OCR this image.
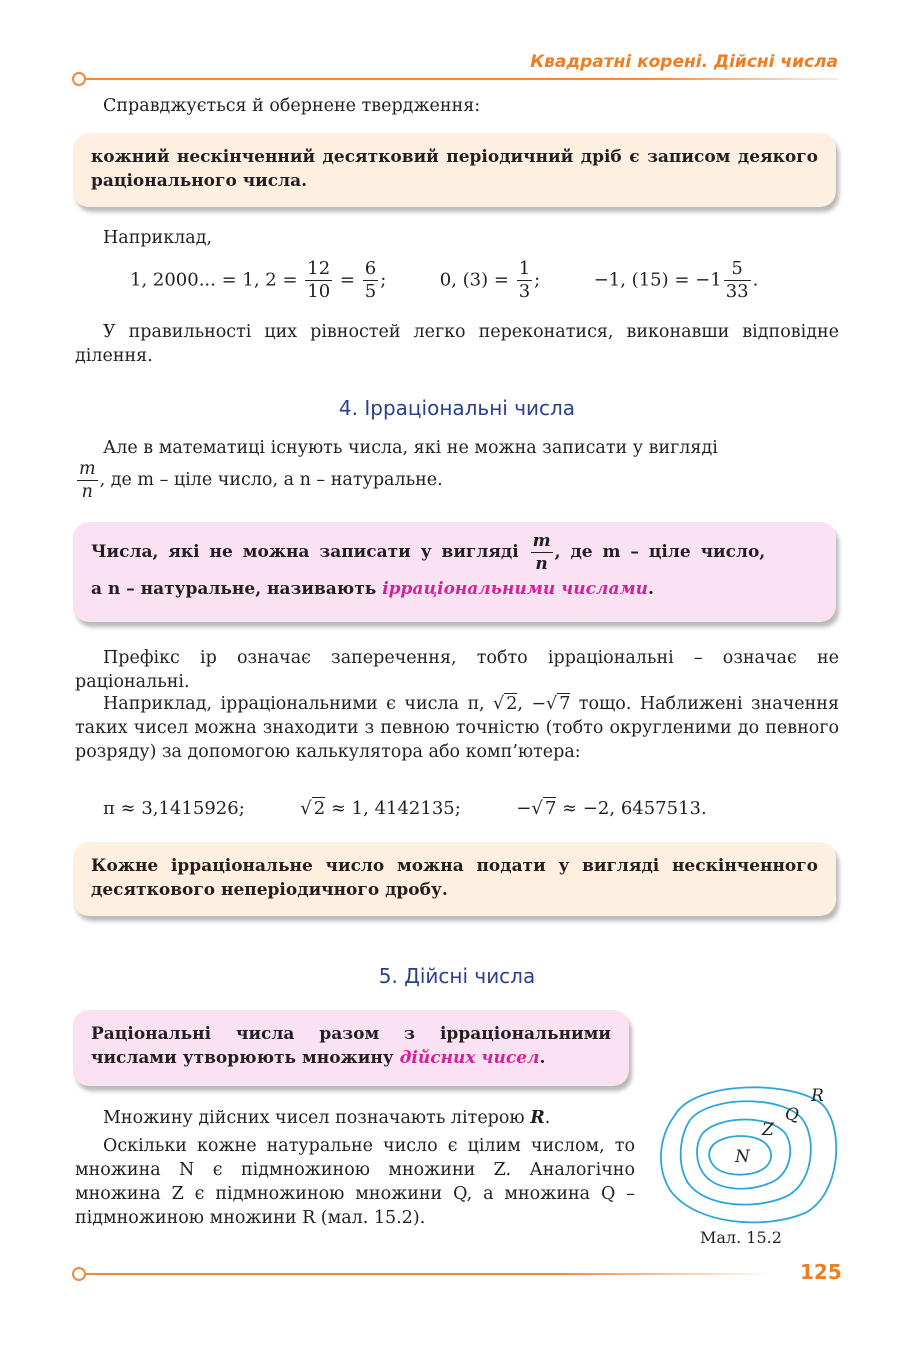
Квадратні корені. Дійсні числа
Справджується й обернене твердження:
кожний нескінченний десятковий періодичний дріб є записом деякого раціонального числа.
Наприклад,
1, 2000... = 1, $2 = \frac{12}{10} = \frac{6}{5}$ ;	0, $(3) = \frac{1}{3}$ ;	−1, $(15) = -1 \frac{5}{33}$ .
У правильності цих рівностей легко переконатися, виконавши відповідне ділення.
4. Ірраціональні числа
Але в математиці існують числа, які не можна записати у вигляді
$\frac{m}{n}$ , де m – ціле число, а n – натуральне.
Числа, які не можна записати у вигляді $\frac{m}{n}$ , де m – ціле число,
а n – натуральне, називають ірраціональними числами.
Префікс ір означає заперечення, тобто ірраціональні – означає не раціональні.
Наприклад, ірраціональними є числа π, √ 2, −√ 7 тощо. Наближені значення таких чисел можна знаходити з певною точністю (тобто округленими до певного розряду) за допомогою калькулятора або комп’ютера:
π ≈ 3,1415926;	√ 2 ≈ 1, 4142135;	−√ 7 ≈ −2, 6457513.
Кожне ірраціональне число можна подати у вигляді нескінченного десяткового неперіодичного дробу.
5. Дійсні числа
Раціональні числа разом з ірраціональними числами утворюють множину дійсних чисел.
Множину дійсних чисел позначають літерою R.
Оскільки кожне натуральне число є цілим числом, то множина N є підмножиною множини Z. Аналогічно множина Z є підмножиною множини Q, а множина Q – підмножиною множини R (мал. 15.2).
R
Q
Z
N
Мал. 15.2
125
